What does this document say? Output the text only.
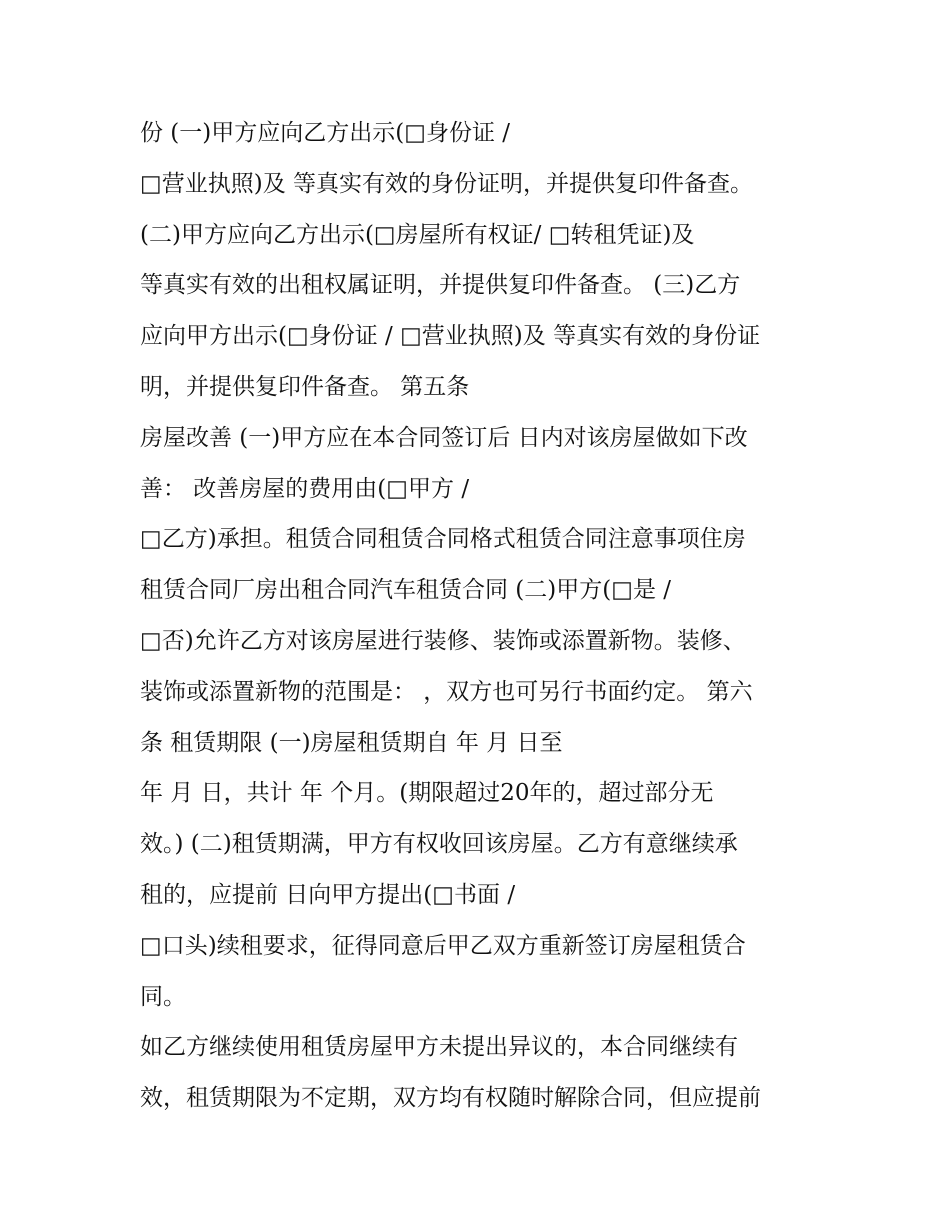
份 (一)甲方应向乙方出示(□身份证 /
□营业执照)及 等真实有效的身份证明，并提供复印件备查。
(二)甲方应向乙方出示(□房屋所有权证/ □转租凭证)及
等真实有效的出租权属证明，并提供复印件备查。 (三)乙方
应向甲方出示(□身份证 / □营业执照)及 等真实有效的身份证
明，并提供复印件备查。 第五条
房屋改善 (一)甲方应在本合同签订后 日内对该房屋做如下改
善： 改善房屋的费用由(□甲方 /
□乙方)承担。租赁合同租赁合同格式租赁合同注意事项住房
租赁合同厂房出租合同汽车租赁合同 (二)甲方(□是 /
□否)允许乙方对该房屋进行装修、装饰或添置新物。装修、
装饰或添置新物的范围是： ，双方也可另行书面约定。 第六
条 租赁期限 (一)房屋租赁期自 年 月 日至
年 月 日，共计 年 个月。(期限超过20年的，超过部分无
效。) (二)租赁期满，甲方有权收回该房屋。乙方有意继续承
租的，应提前 日向甲方提出(□书面 /
□口头)续租要求，征得同意后甲乙双方重新签订房屋租赁合
同。
如乙方继续使用租赁房屋甲方未提出异议的，本合同继续有
效，租赁期限为不定期，双方均有权随时解除合同，但应提前
